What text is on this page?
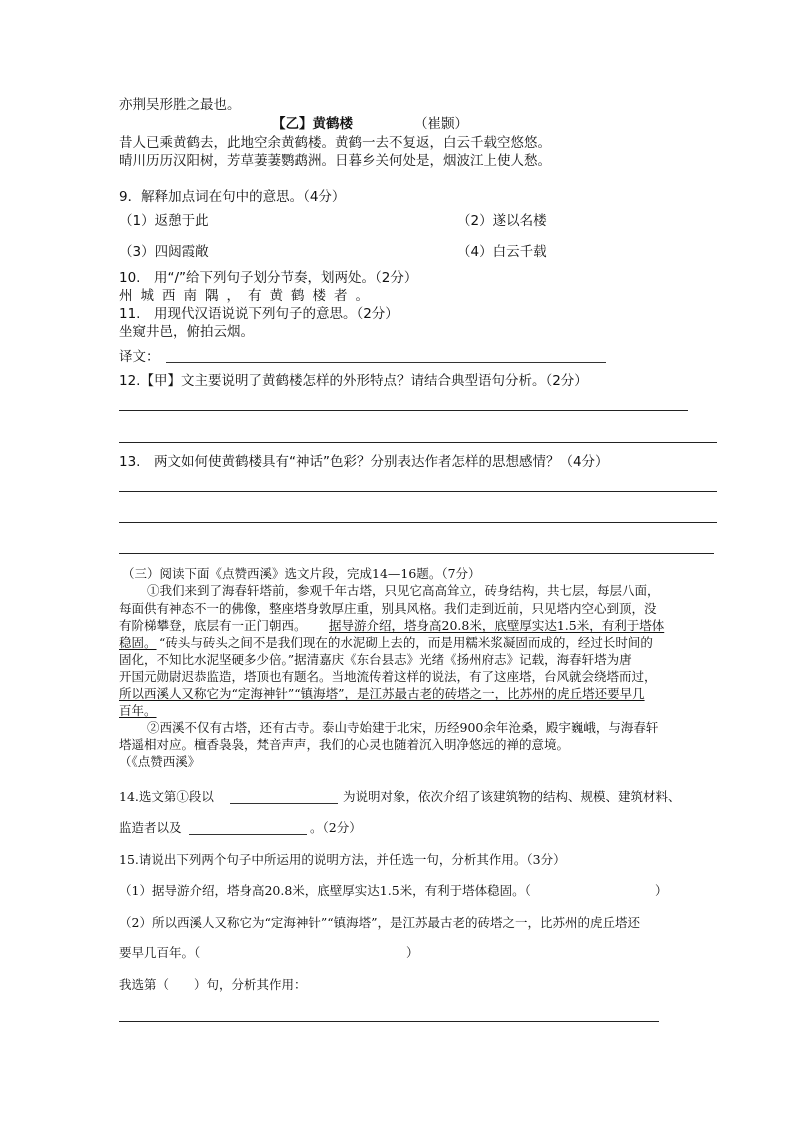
亦荆吴形胜之最也。
【乙】黄鹤楼	（崔颢）
昔人已乘黄鹤去，此地空余黄鹤楼。黄鹤一去不复返，白云千载空悠悠。
晴川历历汉阳树，芳草萋萋鹦鹉洲。日暮乡关何处是，烟波江上使人愁。
9．解释加点词在句中的意思。（4分）
（1）返憩于此	（2）遂以名楼
（3）四闼霞敞	（4）白云千载
10.　用“/”给下列句子划分节奏，划两处。（2分）
州城西南隅，有黄鹤楼者。
11.　用现代汉语说说下列句子的意思。（2分）
坐窥井邑，俯拍云烟。
译文：
12.【甲】文主要说明了黄鹤楼怎样的外形特点？请结合典型语句分析。（2分）
13.　两文如何使黄鹤楼具有“神话”色彩？分别表达作者怎样的思想感情？（4分）
（三）阅读下面《点赞西溪》选文片段，完成14—16题。（7分）
①我们来到了海春轩塔前，参观千年古塔，只见它高高耸立，砖身结构，共七层，每层八面，
每面供有神态不一的佛像，整座塔身敦厚庄重，别具风格。我们走到近前，只见塔内空心到顶，没
有阶梯攀登，底层有一正门朝西。 据导游介绍，塔身高20.8米，底壁厚实达1.5米，有利于塔体
稳固。 “砖头与砖头之间不是我们现在的水泥砌上去的，而是用糯米浆凝固而成的，经过长时间的
固化，不知比水泥坚硬多少倍。”据清嘉庆《东台县志》光绪《扬州府志》记载，海春轩塔为唐
开国元勋尉迟恭监造，塔顶也有题名。当地流传着这样的说法，有了这座塔，台风就会绕塔而过，
所以西溪人又称它为“定海神针”“镇海塔”，是江苏最古老的砖塔之一，比苏州的虎丘塔还要早几
百年。
②西溪不仅有古塔，还有古寺。泰山寺始建于北宋，历经900余年沧桑，殿宇巍峨，与海春轩
塔遥相对应。檀香袅袅，梵音声声，我们的心灵也随着沉入明净悠远的禅的意境。
（《点赞西溪》
14.选文第①段以	为说明对象，依次介绍了该建筑物的结构、规模、建筑材料、
监造者以及	。（2分）
15.请说出下列两个句子中所运用的说明方法，并任选一句，分析其作用。（3分）
（1）据导游介绍，塔身高20.8米，底壁厚实达1.5米，有利于塔体稳固。（	）
（2）所以西溪人又称它为“定海神针”“镇海塔”，是江苏最古老的砖塔之一，比苏州的虎丘塔还
要早几百年。（	）
我选第（　　）句，分析其作用：
